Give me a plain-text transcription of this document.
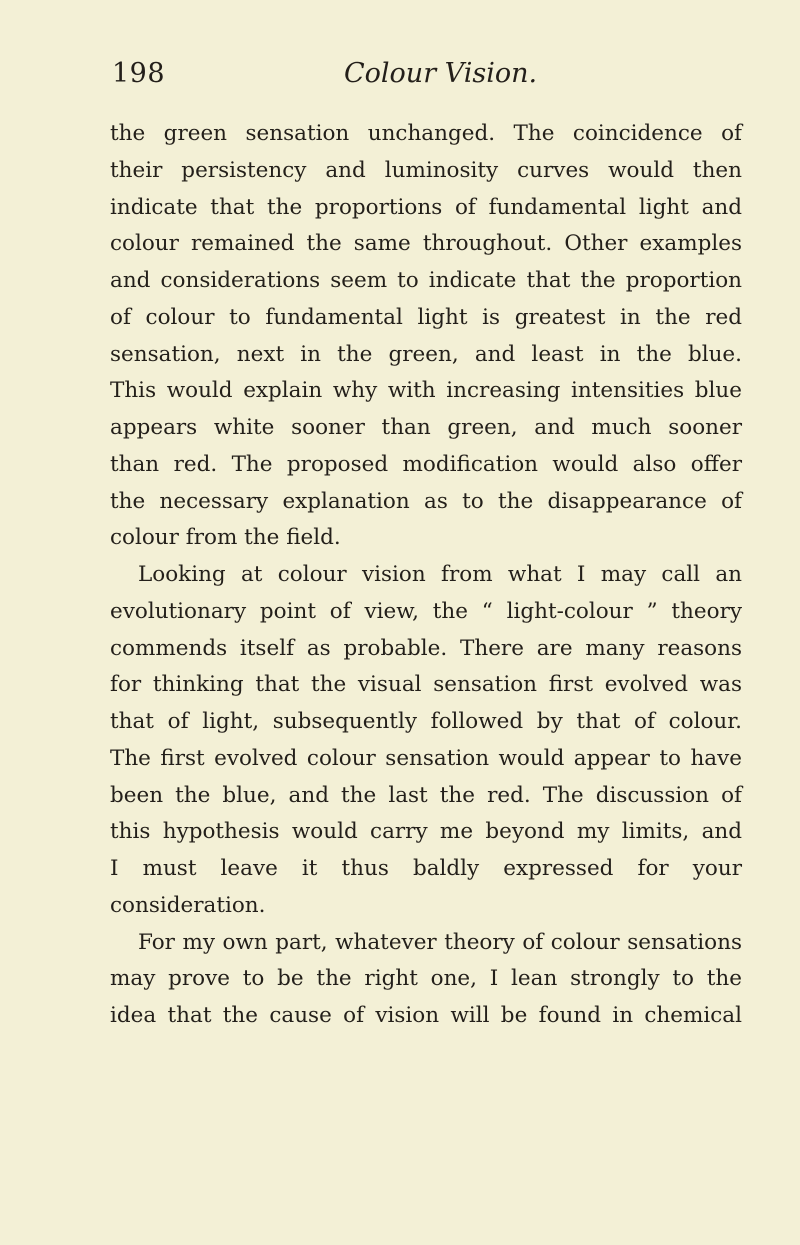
198	Colour Vision.
the green sensation unchanged. The coincidence of
their persistency and luminosity curves would then
indicate that the proportions of fundamental light and
colour remained the same throughout. Other examples
and considerations seem to indicate that the proportion
of colour to fundamental light is greatest in the red
sensation, next in the green, and least in the blue.
This would explain why with increasing intensities blue
appears white sooner than green, and much sooner
than red. The proposed modification would also offer
the necessary explanation as to the disappearance of
colour from the field.
Looking at colour vision from what I may call an
evolutionary point of view, the “ light-colour ” theory
commends itself as probable. There are many reasons
for thinking that the visual sensation first evolved was
that of light, subsequently followed by that of colour.
The first evolved colour sensation would appear to have
been the blue, and the last the red. The discussion of
this hypothesis would carry me beyond my limits, and
I must leave it thus baldly expressed for your
consideration.
For my own part, whatever theory of colour sensations
may prove to be the right one, I lean strongly to the
idea that the cause of vision will be found in chemical
